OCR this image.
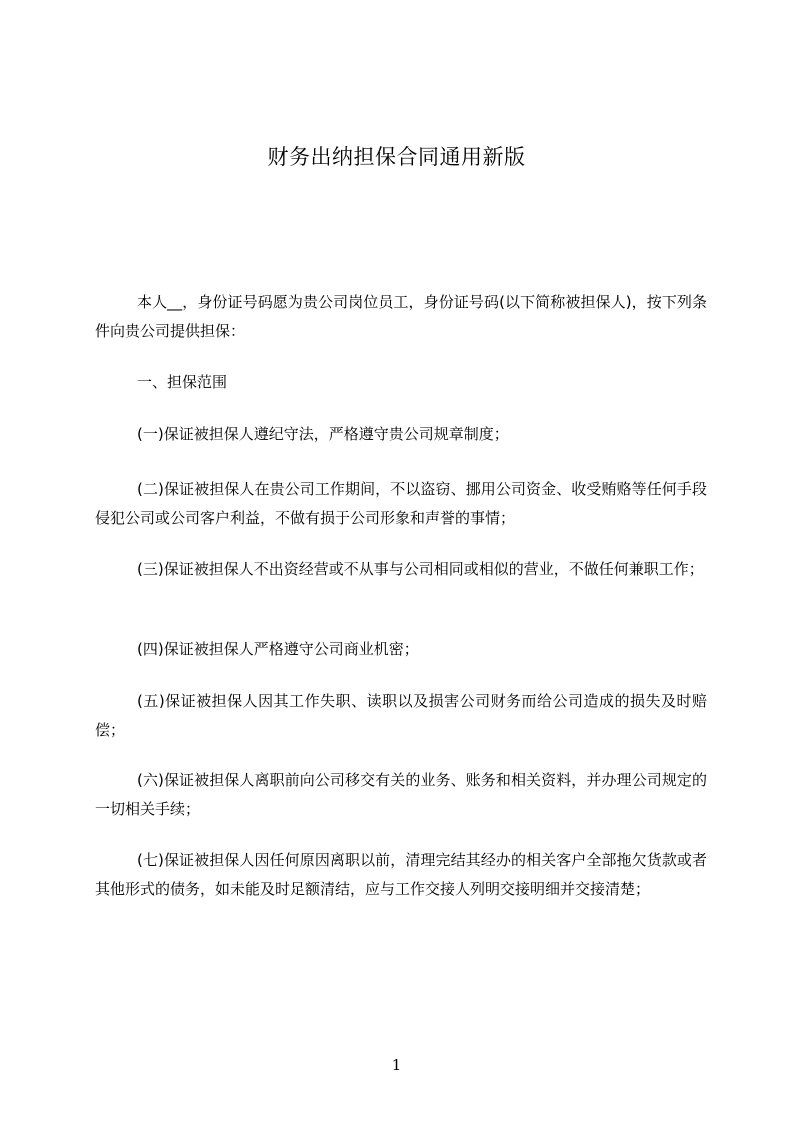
财务出纳担保合同通用新版

本人__，身份证号码愿为贵公司岗位员工，身份证号码(以下简称被担保人)，按下列条件向贵公司提供担保：

一、担保范围

(一)保证被担保人遵纪守法，严格遵守贵公司规章制度；

(二)保证被担保人在贵公司工作期间，不以盗窃、挪用公司资金、收受贿赂等任何手段侵犯公司或公司客户利益，不做有损于公司形象和声誉的事情；

(三)保证被担保人不出资经营或不从事与公司相同或相似的营业，不做任何兼职工作；

(四)保证被担保人严格遵守公司商业机密；

(五)保证被担保人因其工作失职、读职以及损害公司财务而给公司造成的损失及时赔偿；

(六)保证被担保人离职前向公司移交有关的业务、账务和相关资料，并办理公司规定的一切相关手续；

(七)保证被担保人因任何原因离职以前，清理完结其经办的相关客户全部拖欠货款或者其他形式的债务，如未能及时足额清结，应与工作交接人列明交接明细并交接清楚；

1
